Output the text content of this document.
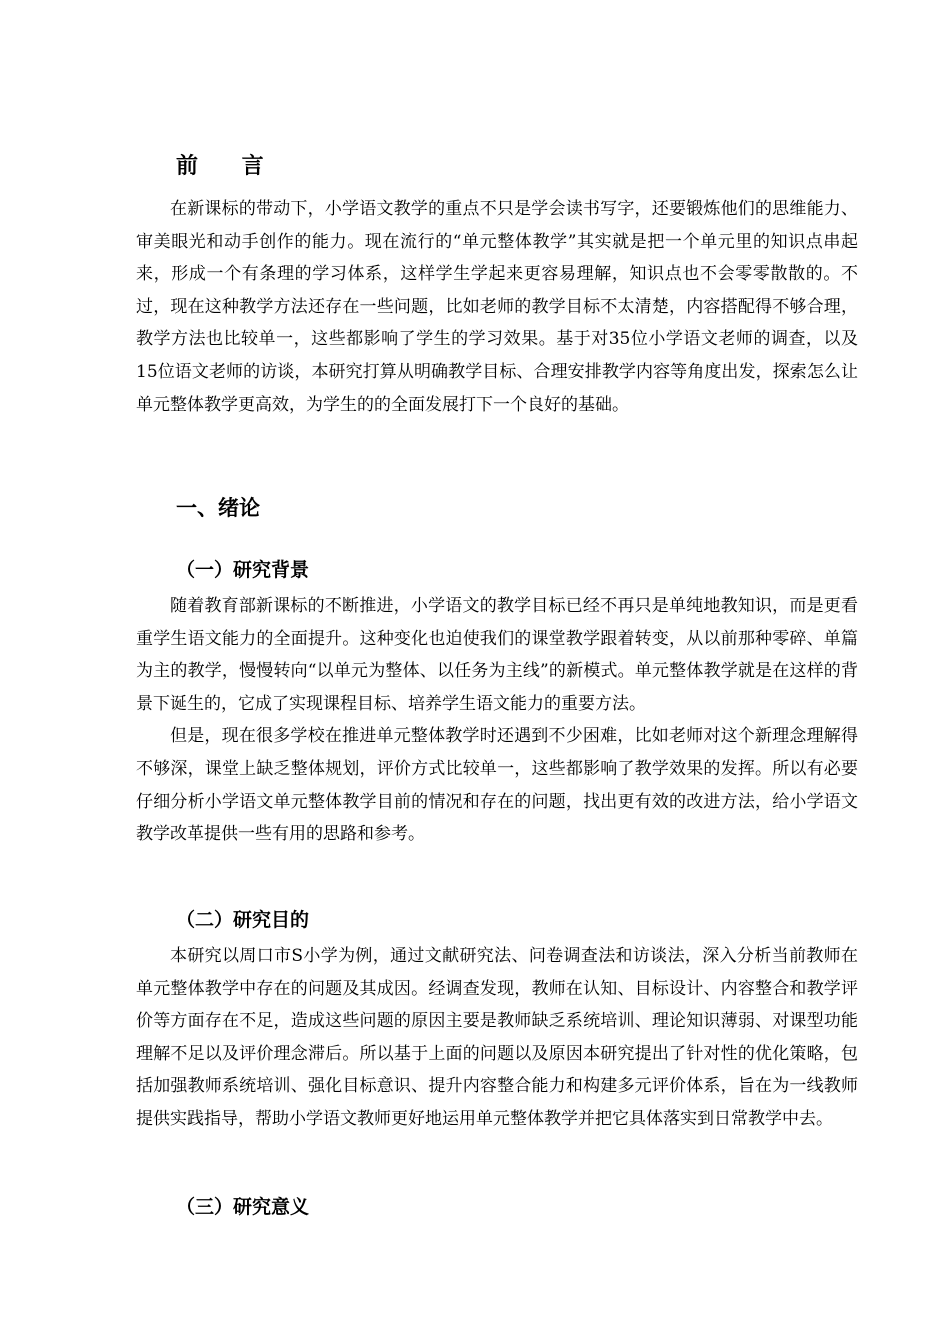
前 言

在新课标的带动下，小学语文教学的重点不只是学会读书写字，还要锻炼他们的思维能力、审美眼光和动手创作的能力。现在流行的“单元整体教学”其实就是把一个单元里的知识点串起来，形成一个有条理的学习体系，这样学生学起来更容易理解，知识点也不会零零散散的。不过，现在这种教学方法还存在一些问题，比如老师的教学目标不太清楚，内容搭配得不够合理，教学方法也比较单一，这些都影响了学生的学习效果。基于对35位小学语文老师的调查，以及15位语文老师的访谈，本研究打算从明确教学目标、合理安排教学内容等角度出发，探索怎么让单元整体教学更高效，为学生的的全面发展打下一个良好的基础。

一、绪论
（一）研究背景

随着教育部新课标的不断推进，小学语文的教学目标已经不再只是单纯地教知识，而是更看重学生语文能力的全面提升。这种变化也迫使我们的课堂教学跟着转变，从以前那种零碎、单篇为主的教学，慢慢转向“以单元为整体、以任务为主线”的新模式。单元整体教学就是在这样的背景下诞生的，它成了实现课程目标、培养学生语文能力的重要方法。

但是，现在很多学校在推进单元整体教学时还遇到不少困难，比如老师对这个新理念理解得不够深，课堂上缺乏整体规划，评价方式比较单一，这些都影响了教学效果的发挥。所以有必要仔细分析小学语文单元整体教学目前的情况和存在的问题，找出更有效的改进方法，给小学语文教学改革提供一些有用的思路和参考。

（二）研究目的

本研究以周口市S小学为例，通过文献研究法、问卷调查法和访谈法，深入分析当前教师在单元整体教学中存在的问题及其成因。经调查发现，教师在认知、目标设计、内容整合和教学评价等方面存在不足，造成这些问题的原因主要是教师缺乏系统培训、理论知识薄弱、对课型功能理解不足以及评价理念滞后。所以基于上面的问题以及原因本研究提出了针对性的优化策略，包括加强教师系统培训、强化目标意识、提升内容整合能力和构建多元评价体系，旨在为一线教师提供实践指导，帮助小学语文教师更好地运用单元整体教学并把它具体落实到日常教学中去。

（三）研究意义
